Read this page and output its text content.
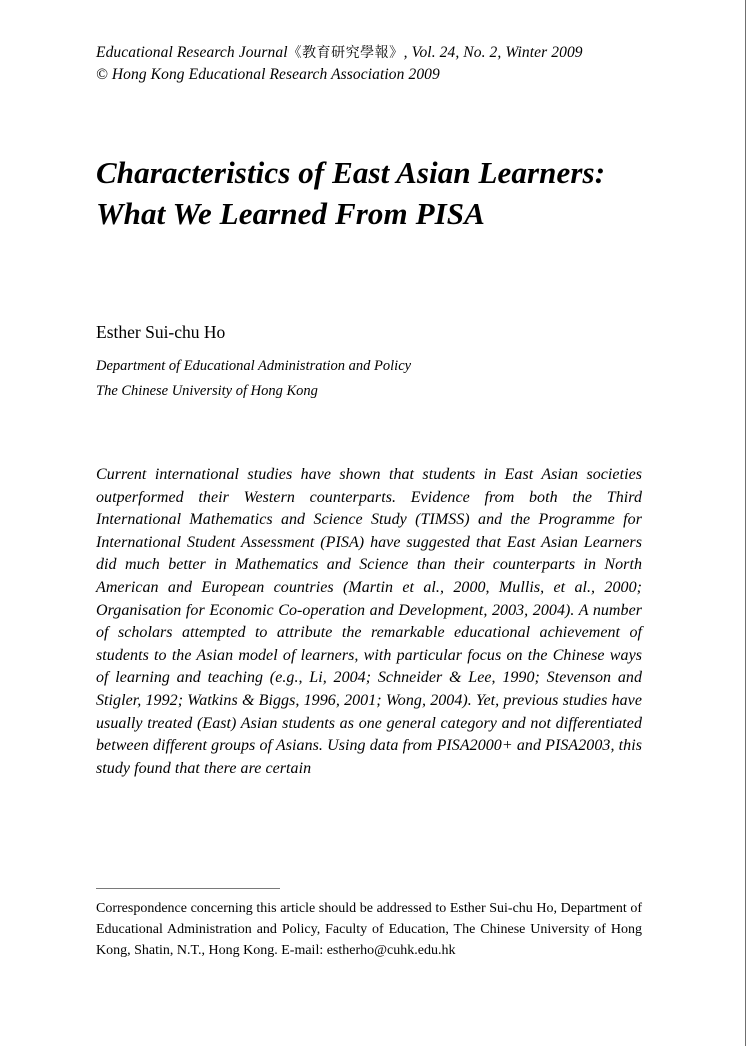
Educational Research Journal《教育研究學報》, Vol. 24, No. 2, Winter 2009
© Hong Kong Educational Research Association 2009
Characteristics of East Asian Learners: What We Learned From PISA
Esther Sui-chu Ho
Department of Educational Administration and Policy
The Chinese University of Hong Kong
Current international studies have shown that students in East Asian societies outperformed their Western counterparts. Evidence from both the Third International Mathematics and Science Study (TIMSS) and the Programme for International Student Assessment (PISA) have suggested that East Asian Learners did much better in Mathematics and Science than their counterparts in North American and European countries (Martin et al., 2000, Mullis, et al., 2000; Organisation for Economic Co-operation and Development, 2003, 2004). A number of scholars attempted to attribute the remarkable educational achievement of students to the Asian model of learners, with particular focus on the Chinese ways of learning and teaching (e.g., Li, 2004; Schneider & Lee, 1990; Stevenson and Stigler, 1992; Watkins & Biggs, 1996, 2001; Wong, 2004). Yet, previous studies have usually treated (East) Asian students as one general category and not differentiated between different groups of Asians. Using data from PISA2000+ and PISA2003, this study found that there are certain
Correspondence concerning this article should be addressed to Esther Sui-chu Ho, Department of Educational Administration and Policy, Faculty of Education, The Chinese University of Hong Kong, Shatin, N.T., Hong Kong. E-mail: estherho@cuhk.edu.hk
